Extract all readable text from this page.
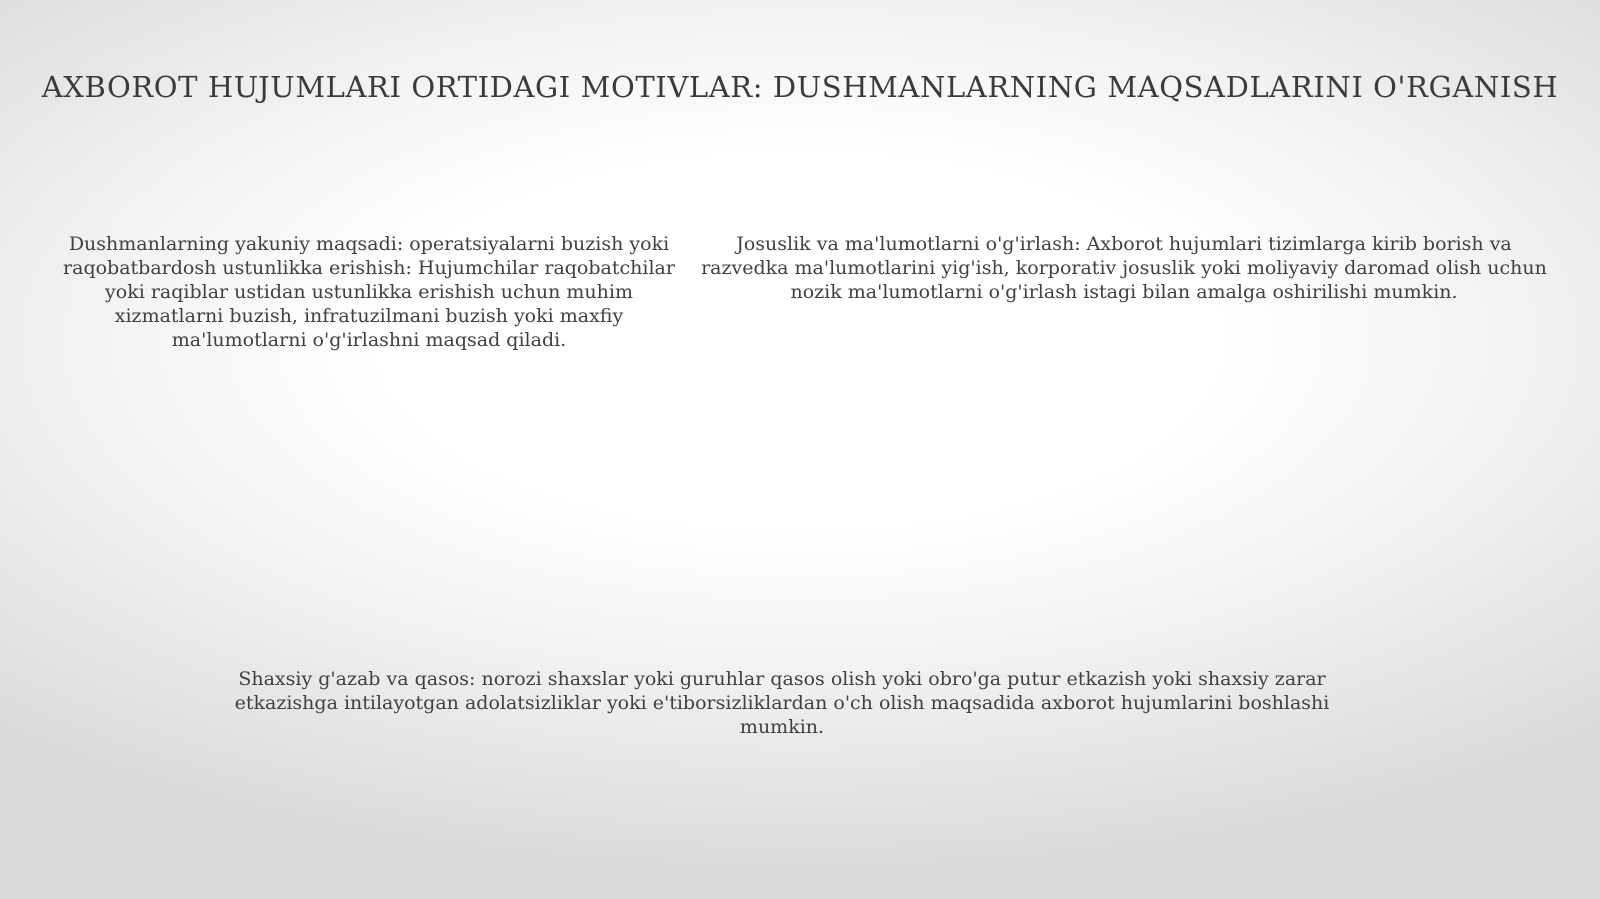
AXBOROT HUJUMLARI ORTIDAGI MOTIVLAR: DUSHMANLARNING MAQSADLARINI O'RGANISH
Dushmanlarning yakuniy maqsadi: operatsiyalarni buzish yoki raqobatbardosh ustunlikka erishish: Hujumchilar raqobatchilar yoki raqiblar ustidan ustunlikka erishish uchun muhim xizmatlarni buzish, infratuzilmani buzish yoki maxfiy ma'lumotlarni o'g'irlashni maqsad qiladi.
Josuslik va ma'lumotlarni o'g'irlash: Axborot hujumlari tizimlarga kirib borish va razvedka ma'lumotlarini yig'ish, korporativ josuslik yoki moliyaviy daromad olish uchun nozik ma'lumotlarni o'g'irlash istagi bilan amalga oshirilishi mumkin.
Shaxsiy g'azab va qasos: norozi shaxslar yoki guruhlar qasos olish yoki obro'ga putur etkazish yoki shaxsiy zarar etkazishga intilayotgan adolatsizliklar yoki e'tiborsizliklardan o'ch olish maqsadida axborot hujumlarini boshlashi mumkin.
